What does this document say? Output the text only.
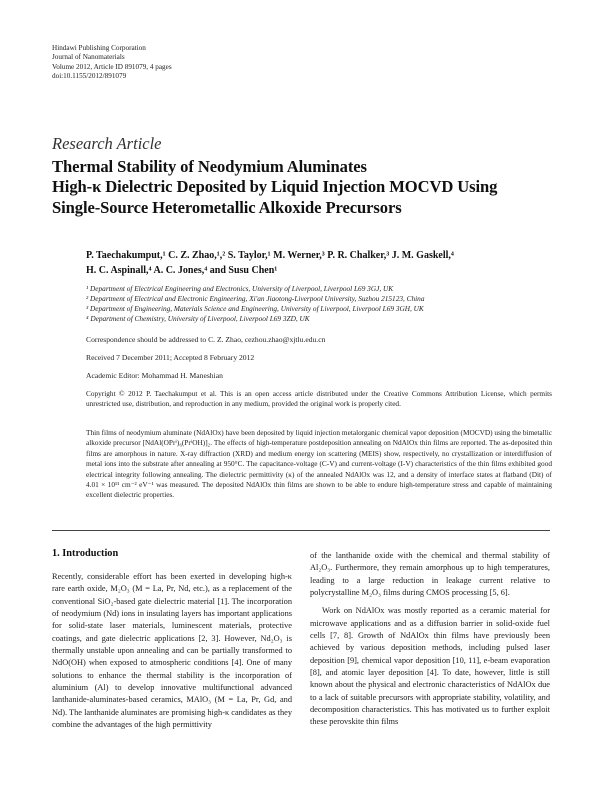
Hindawi Publishing Corporation
Journal of Nanomaterials
Volume 2012, Article ID 891079, 4 pages
doi:10.1155/2012/891079
Research Article
Thermal Stability of Neodymium Aluminates
High-κ Dielectric Deposited by Liquid Injection MOCVD Using
Single-Source Heterometallic Alkoxide Precursors
P. Taechakumput,¹ C. Z. Zhao,¹,² S. Taylor,¹ M. Werner,³ P. R. Chalker,³ J. M. Gaskell,⁴
H. C. Aspinall,⁴ A. C. Jones,⁴ and Susu Chen¹
¹ Department of Electrical Engineering and Electronics, University of Liverpool, Liverpool L69 3GJ, UK
² Department of Electrical and Electronic Engineering, Xi'an Jiaotong-Liverpool University, Suzhou 215123, China
³ Department of Engineering, Materials Science and Engineering, University of Liverpool, Liverpool L69 3GH, UK
⁴ Department of Chemistry, University of Liverpool, Liverpool L69 3ZD, UK
Correspondence should be addressed to C. Z. Zhao, cezhou.zhao@xjtlu.edu.cn
Received 7 December 2011; Accepted 8 February 2012
Academic Editor: Mohammad H. Maneshian
Copyright © 2012 P. Taechakumput et al. This is an open access article distributed under the Creative Commons Attribution License, which permits unrestricted use, distribution, and reproduction in any medium, provided the original work is properly cited.
Thin films of neodymium aluminate (NdAlOx) have been deposited by liquid injection metalorganic chemical vapor deposition (MOCVD) using the bimetallic alkoxide precursor [NdAl(OPrⁱ)₆(PrⁱOH)]₂. The effects of high-temperature postdeposition annealing on NdAlOx thin films are reported. The as-deposited thin films are amorphous in nature. X-ray diffraction (XRD) and medium energy ion scattering (MEIS) show, respectively, no crystallization or interdiffusion of metal ions into the substrate after annealing at 950°C. The capacitance-voltage (C-V) and current-voltage (I-V) characteristics of the thin films exhibited good electrical integrity following annealing. The dielectric permittivity (κ) of the annealed NdAlOx was 12, and a density of interface states at flatband (Dit) of 4.01 × 10¹¹ cm⁻² eV⁻¹ was measured. The deposited NdAlOx thin films are shown to be able to endure high-temperature stress and capable of maintaining excellent dielectric properties.
1. Introduction

Recently, considerable effort has been exerted in developing high-κ rare earth oxide, M₂O₃ (M = La, Pr, Nd, etc.), as a replacement of the conventional SiO₂-based gate dielectric material [1]. The incorporation of neodymium (Nd) ions in insulating layers has important applications for solid-state laser materials, luminescent materials, protective coatings, and gate dielectric applications [2, 3]. However, Nd₂O₃ is thermally unstable upon annealing and can be partially transformed to NdO(OH) when exposed to atmospheric conditions [4]. One of many solutions to enhance the thermal stability is the incorporation of aluminium (Al) to develop innovative multifunctional advanced lanthanide-aluminates-based ceramics, MAlO₃ (M = La, Pr, Gd, and Nd). The lanthanide aluminates are promising high-κ candidates as they combine the advantages of the high permittivity

of the lanthanide oxide with the chemical and thermal stability of Al₂O₃. Furthermore, they remain amorphous up to high temperatures, leading to a large reduction in leakage current relative to polycrystalline M₂O₃ films during CMOS processing [5, 6].

Work on NdAlOx was mostly reported as a ceramic material for microwave applications and as a diffusion barrier in solid-oxide fuel cells [7, 8]. Growth of NdAlOx thin films have previously been achieved by various deposition methods, including pulsed laser deposition [9], chemical vapor deposition [10, 11], e-beam evaporation [8], and atomic layer deposition [4]. To date, however, little is still known about the physical and electronic characteristics of NdAlOx due to a lack of suitable precursors with appropriate stability, volatility, and decomposition characteristics. This has motivated us to further exploit these perovskite thin films
